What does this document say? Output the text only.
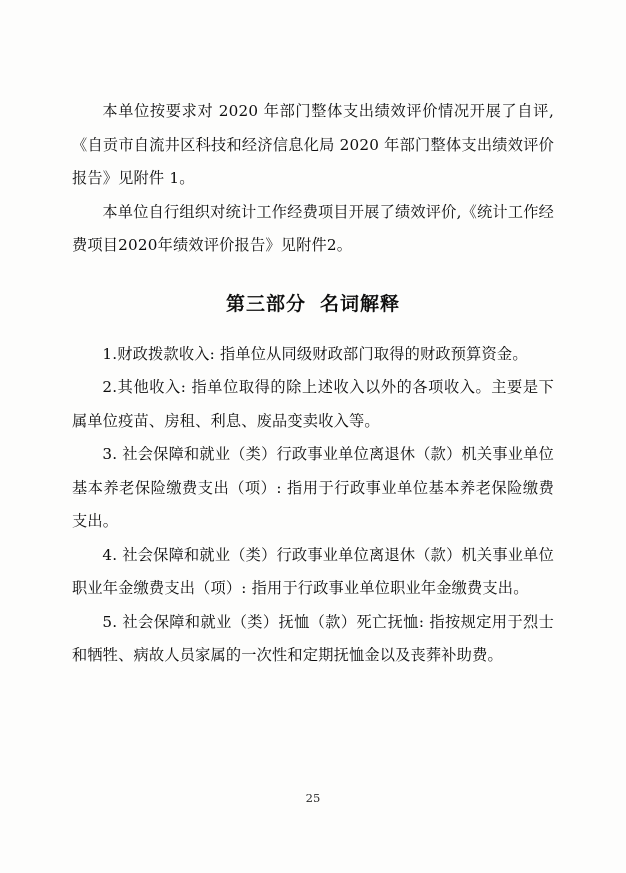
本单位按要求对 2020 年部门整体支出绩效评价情况开展了自评,《自贡市自流井区科技和经济信息化局 2020 年部门整体支出绩效评价报告》见附件 1。

本单位自行组织对统计工作经费项目开展了绩效评价,《统计工作经费项目2020年绩效评价报告》见附件2。

第三部分 名词解释

1.财政拨款收入: 指单位从同级财政部门取得的财政预算资金。

2.其他收入: 指单位取得的除上述收入以外的各项收入。主要是下属单位疫苗、房租、利息、废品变卖收入等。

3. 社会保障和就业（类）行政事业单位离退休（款）机关事业单位基本养老保险缴费支出（项）: 指用于行政事业单位基本养老保险缴费支出。

4. 社会保障和就业（类）行政事业单位离退休（款）机关事业单位职业年金缴费支出（项）: 指用于行政事业单位职业年金缴费支出。

5. 社会保障和就业（类）抚恤（款）死亡抚恤: 指按规定用于烈士和牺牲、病故人员家属的一次性和定期抚恤金以及丧葬补助费。

25
